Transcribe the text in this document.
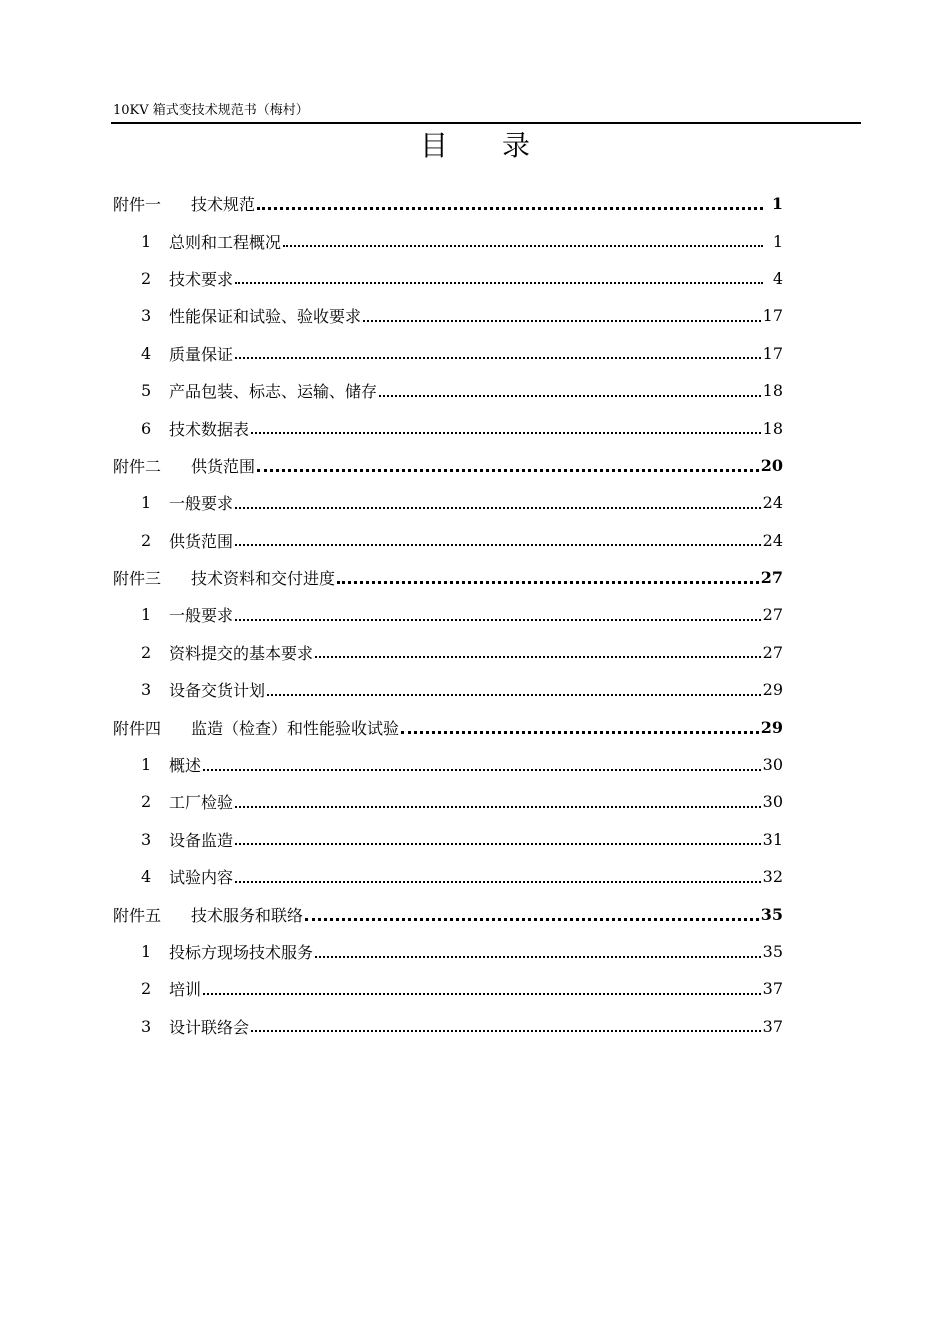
10KV 箱式变技术规范书（梅村）
目 录
附件一	技术规范	1
1	总则和工程概况	1
2	技术要求	4
3	性能保证和试验、验收要求	17
4	质量保证	17
5	产品包装、标志、运输、储存	18
6	技术数据表	18
附件二	供货范围	20
1	一般要求	24
2	供货范围	24
附件三	技术资料和交付进度	27
1	一般要求	27
2	资料提交的基本要求	27
3	设备交货计划	29
附件四	监造（检查）和性能验收试验	29
1	概述	30
2	工厂检验	30
3	设备监造	31
4	试验内容	32
附件五	技术服务和联络	35
1	投标方现场技术服务	35
2	培训	37
3	设计联络会	37
